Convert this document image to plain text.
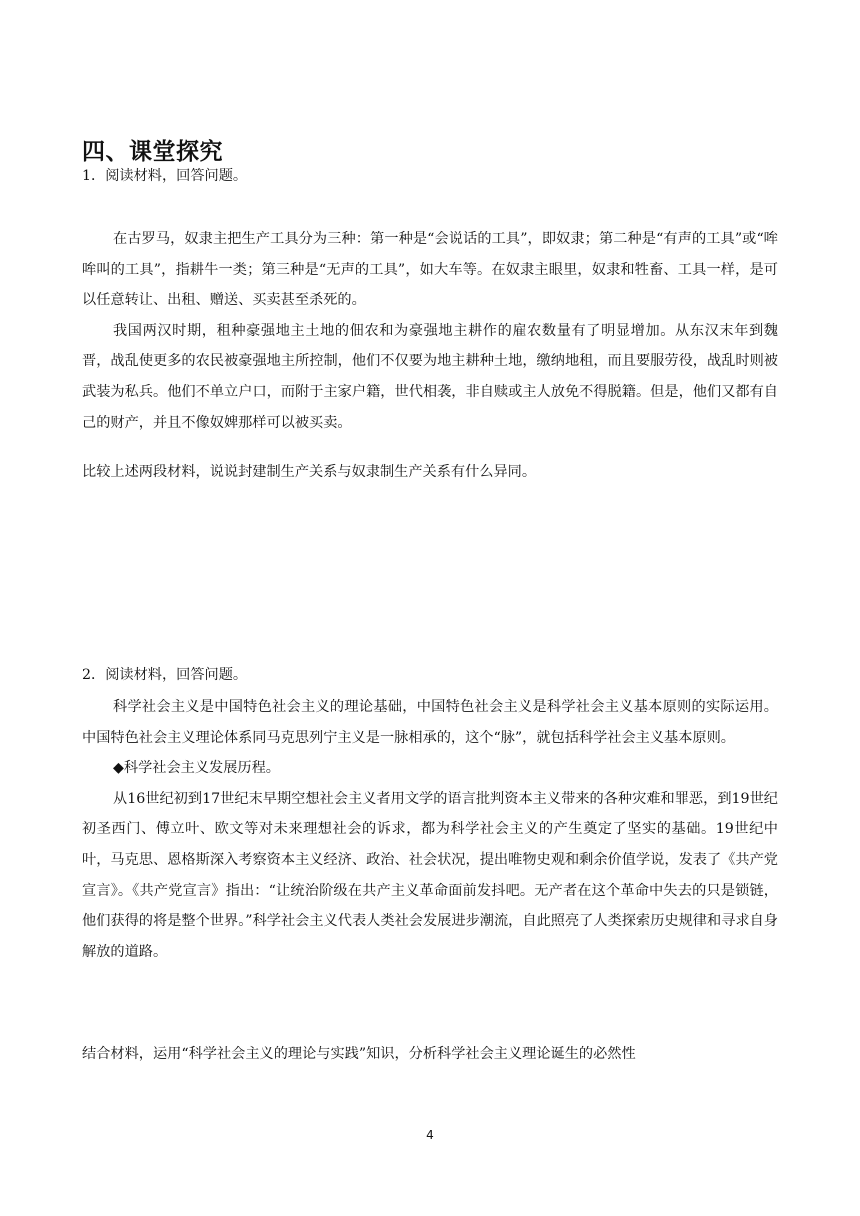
四、课堂探究
1．阅读材料，回答问题。

在古罗马，奴隶主把生产工具分为三种：第一种是“会说话的工具”，即奴隶；第二种是“有声的工具”或“哞哞叫的工具”，指耕牛一类；第三种是“无声的工具”，如大车等。在奴隶主眼里，奴隶和牲畜、工具一样，是可以任意转让、出租、赠送、买卖甚至杀死的。

我国两汉时期，租种豪强地主土地的佃农和为豪强地主耕作的雇农数量有了明显增加。从东汉末年到魏晋，战乱使更多的农民被豪强地主所控制，他们不仅要为地主耕种土地，缴纳地租，而且要服劳役，战乱时则被武装为私兵。他们不单立户口，而附于主家户籍，世代相袭，非自赎或主人放免不得脱籍。但是，他们又都有自己的财产，并且不像奴婢那样可以被买卖。

比较上述两段材料，说说封建制生产关系与奴隶制生产关系有什么异同。
2．阅读材料，回答问题。

科学社会主义是中国特色社会主义的理论基础，中国特色社会主义是科学社会主义基本原则的实际运用。中国特色社会主义理论体系同马克思列宁主义是一脉相承的，这个“脉”，就包括科学社会主义基本原则。

◆科学社会主义发展历程。

从16世纪初到17世纪末早期空想社会主义者用文学的语言批判资本主义带来的各种灾难和罪恶，到19世纪初圣西门、傅立叶、欧文等对未来理想社会的诉求，都为科学社会主义的产生奠定了坚实的基础。19世纪中叶，马克思、恩格斯深入考察资本主义经济、政治、社会状况，提出唯物史观和剩余价值学说，发表了《共产党宣言》。《共产党宣言》指出：“让统治阶级在共产主义革命面前发抖吧。无产者在这个革命中失去的只是锁链，他们获得的将是整个世界。”科学社会主义代表人类社会发展进步潮流，自此照亮了人类探索历史规律和寻求自身解放的道路。

结合材料，运用“科学社会主义的理论与实践”知识，分析科学社会主义理论诞生的必然性
4
